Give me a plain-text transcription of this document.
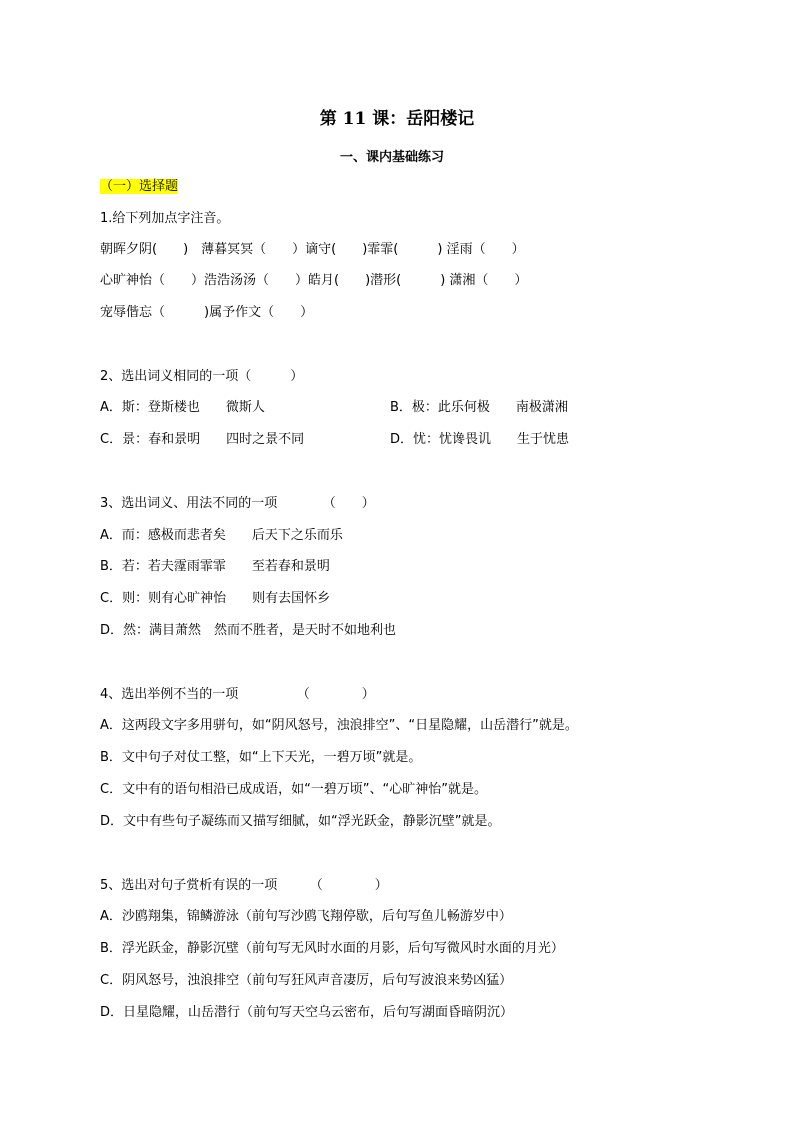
第 11 课：岳阳楼记
一、课内基础练习
（一）选择题
1.给下列加点字注音。
朝晖夕阴(　　)　薄暮冥冥（　　）谪守(　　)霏霏(　　　) 淫雨（　　）
心旷神怡（　　）浩浩汤汤（　　）皓月(　　)潜形(　　　) 潇湘（　　）
宠辱偕忘（　　　)属予作文（　　）
2、选出词义相同的一项（　　　）
A．斯：登斯楼也　　微斯人	B．极：此乐何极　　南极潇湘
C．景：春和景明　　四时之景不同	D．忧：忧谗畏讥　　生于忧患
3、选出词义、用法不同的一项　　　　（　　）
A．而：感极而悲者矣　　后天下之乐而乐
B．若：若夫霪雨霏霏　　至若春和景明
C．则：则有心旷神怡　　则有去国怀乡
D．然：满目萧然　然而不胜者，是天时不如地利也
4、选出举例不当的一项　　　　　（　　　　）
A．这两段文字多用骈句，如“阴风怒号，浊浪排空”、“日星隐耀，山岳潜行”就是。
B．文中句子对仗工整，如“上下天光，一碧万顷”就是。
C．文中有的语句相沿已成成语，如“一碧万顷”、“心旷神怡”就是。
D．文中有些句子凝练而又描写细腻，如“浮光跃金，静影沉壁”就是。
5、选出对句子赏析有误的一项　　　（　　　　）
A．沙鸥翔集，锦鳞游泳（前句写沙鸥飞翔停歇，后句写鱼儿畅游岁中）
B．浮光跃金，静影沉壁（前句写无风时水面的月影，后句写微风时水面的月光）
C．阴风怒号，浊浪排空（前句写狂风声音凄厉，后句写波浪来势凶猛）
D．日星隐耀，山岳潜行（前句写天空乌云密布，后句写湖面昏暗阴沉）
